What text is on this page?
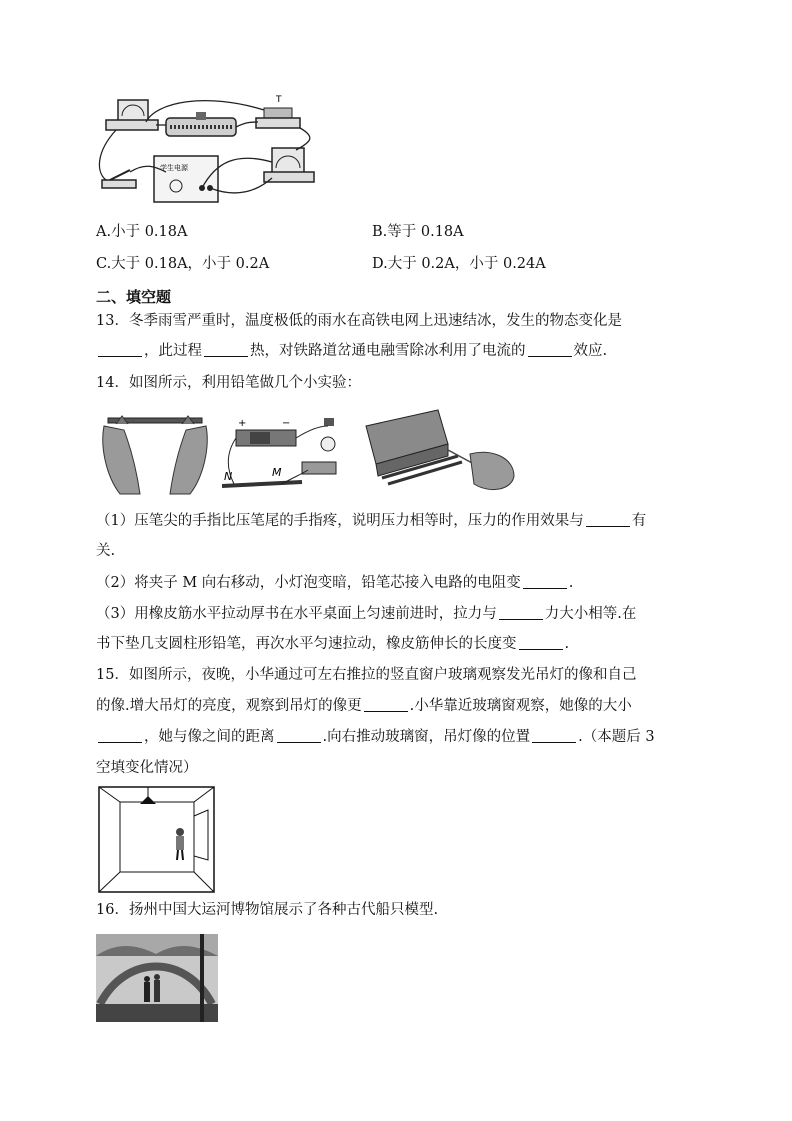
T
学生电源
A.小于 0.18A	B.等于 0.18A
C.大于 0.18A，小于 0.2A	D.大于 0.2A，小于 0.24A
二、填空题
13．冬季雨雪严重时，温度极低的雨水在高铁电网上迅速结冰，发生的物态变化是
，此过程	热，对铁路道岔通电融雪除冰利用了电流的	效应.
14．如图所示，利用铅笔做几个小实验：
+	−
N	M
（1）压笔尖的手指比压笔尾的手指疼，说明压力相等时，压力的作用效果与	有
关.
（2）将夹子 M 向右移动，小灯泡变暗，铅笔芯接入电路的电阻变	.
（3）用橡皮筋水平拉动厚书在水平桌面上匀速前进时，拉力与	力大小相等.在
书下垫几支圆柱形铅笔，再次水平匀速拉动，橡皮筋伸长的长度变	.
15．如图所示，夜晚，小华通过可左右推拉的竖直窗户玻璃观察发光吊灯的像和自己
的像.增大吊灯的亮度，观察到吊灯的像更	.小华靠近玻璃窗观察，她像的大小
，她与像之间的距离	.向右推动玻璃窗，吊灯像的位置	.（本题后 3
空填变化情况）
16．扬州中国大运河博物馆展示了各种古代船只模型.
